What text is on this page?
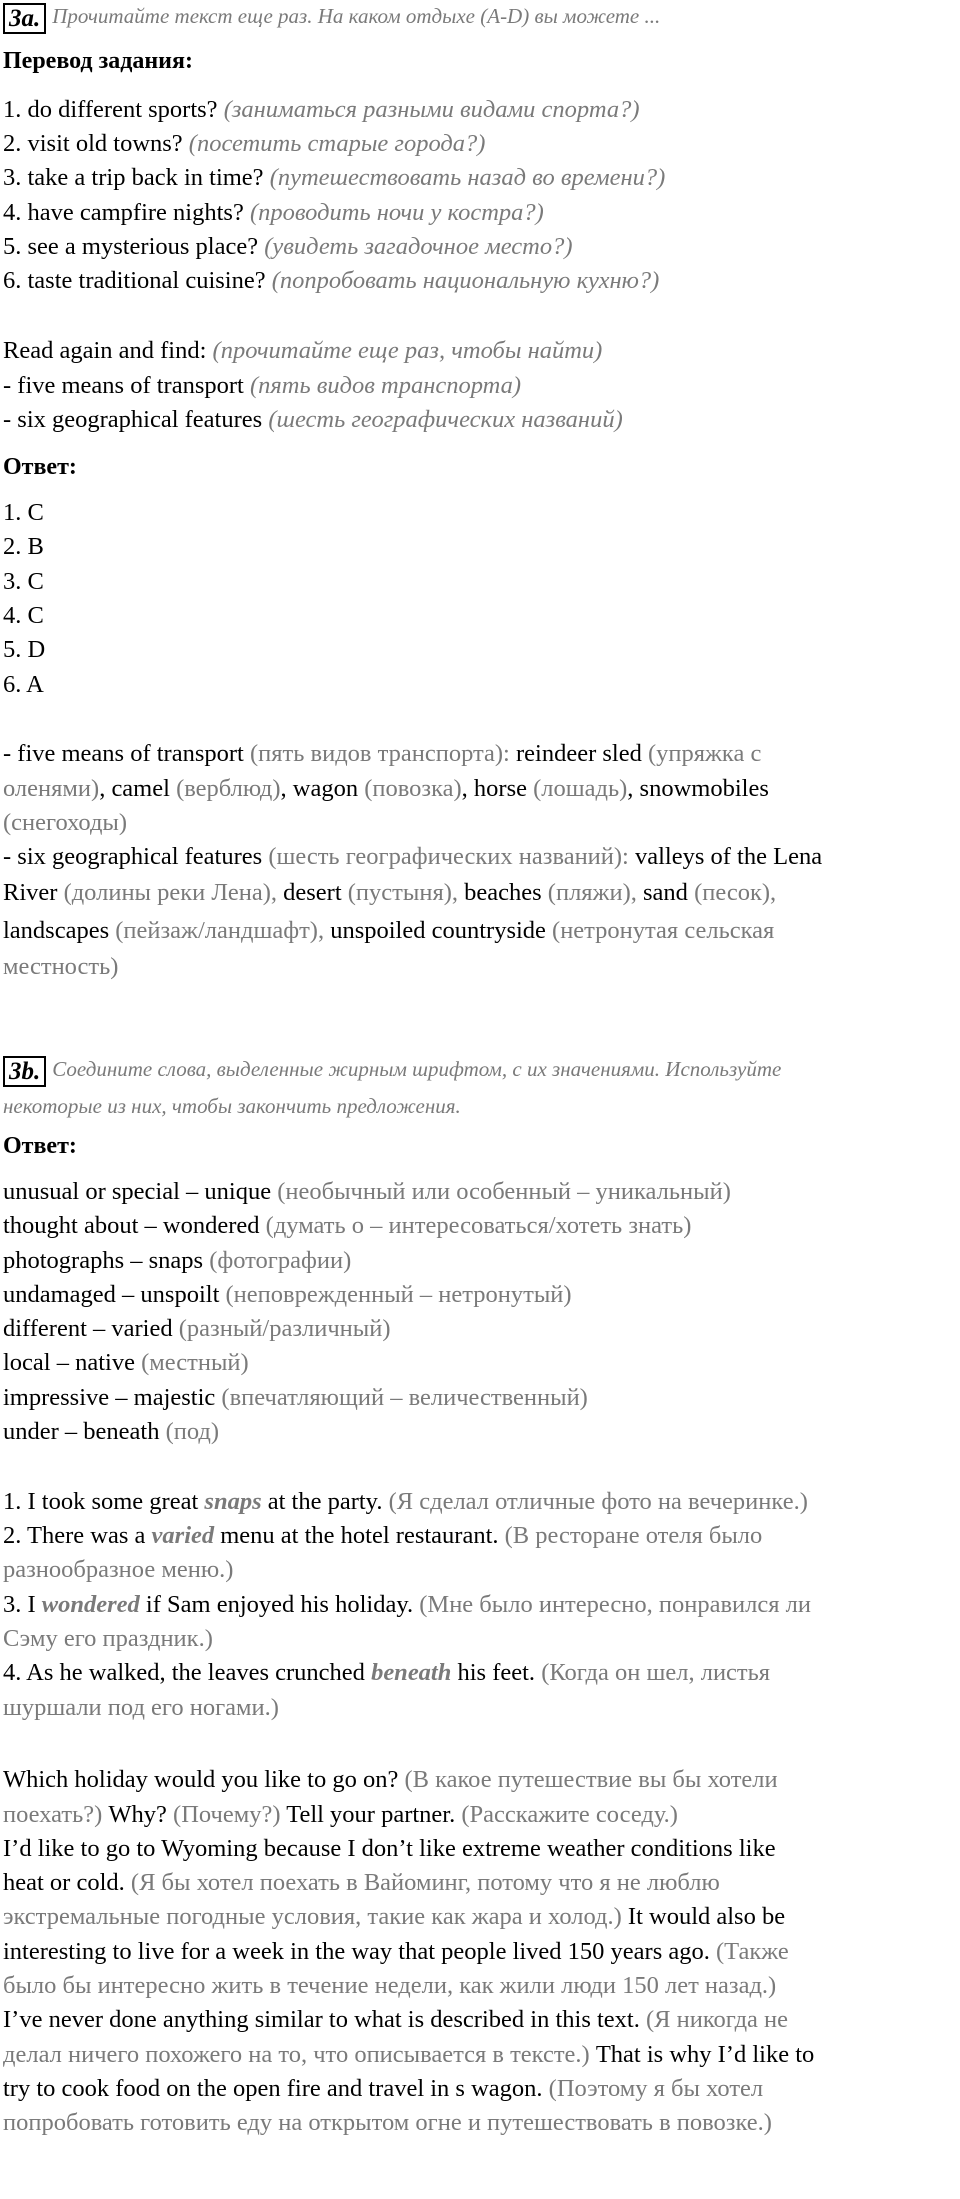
3a. Прочитайте текст еще раз. На каком отдыхе (A-D) вы можете ...
Перевод задания:
1. do different sports? (заниматься разными видами спорта?)
2. visit old towns? (посетить старые города?)
3. take a trip back in time? (путешествовать назад во времени?)
4. have campfire nights? (проводить ночи у костра?)
5. see a mysterious place? (увидеть загадочное место?)
6. taste traditional cuisine? (попробовать национальную кухню?)
Read again and find: (прочитайте еще раз, чтобы найти)
- five means of transport (пять видов транспорта)
- six geographical features (шесть географических названий)
Ответ:
1. C
2. B
3. C
4. C
5. D
6. A
- five means of transport (пять видов транспорта): reindeer sled (упряжка с
оленями), camel (верблюд), wagon (повозка), horse (лошадь), snowmobiles
(снегоходы)
- six geographical features (шесть географических названий): valleys of the Lena
River (долины реки Лена), desert (пустыня), beaches (пляжи), sand (песок),
landscapes (пейзаж/ландшафт), unspoiled countryside (нетронутая сельская
местность)
3b. Соедините слова, выделенные жирным шрифтом, с их значениями. Используйте
некоторые из них, чтобы закончить предложения.
Ответ:
unusual or special – unique (необычный или особенный – уникальный)
thought about – wondered (думать о – интересоваться/хотеть знать)
photographs – snaps (фотографии)
undamaged – unspoilt (неповрежденный – нетронутый)
different – varied (разный/различный)
local – native (местный)
impressive – majestic (впечатляющий – величественный)
under – beneath (под)
1. I took some great snaps at the party. (Я сделал отличные фото на вечеринке.)
2. There was a varied menu at the hotel restaurant. (В ресторане отеля было
разнообразное меню.)
3. I wondered if Sam enjoyed his holiday. (Мне было интересно, понравился ли
Сэму его праздник.)
4. As he walked, the leaves crunched beneath his feet. (Когда он шел, листья
шуршали под его ногами.)
Which holiday would you like to go on? (В какое путешествие вы бы хотели
поехать?) Why? (Почему?) Tell your partner. (Расскажите соседу.)
I’d like to go to Wyoming because I don’t like extreme weather conditions like
heat or cold. (Я бы хотел поехать в Вайоминг, потому что я не люблю
экстремальные погодные условия, такие как жара и холод.) It would also be
interesting to live for a week in the way that people lived 150 years ago. (Также
было бы интересно жить в течение недели, как жили люди 150 лет назад.)
I’ve never done anything similar to what is described in this text. (Я никогда не
делал ничего похожего на то, что описывается в тексте.) That is why I’d like to
try to cook food on the open fire and travel in s wagon. (Поэтому я бы хотел
попробовать готовить еду на открытом огне и путешествовать в повозке.)
